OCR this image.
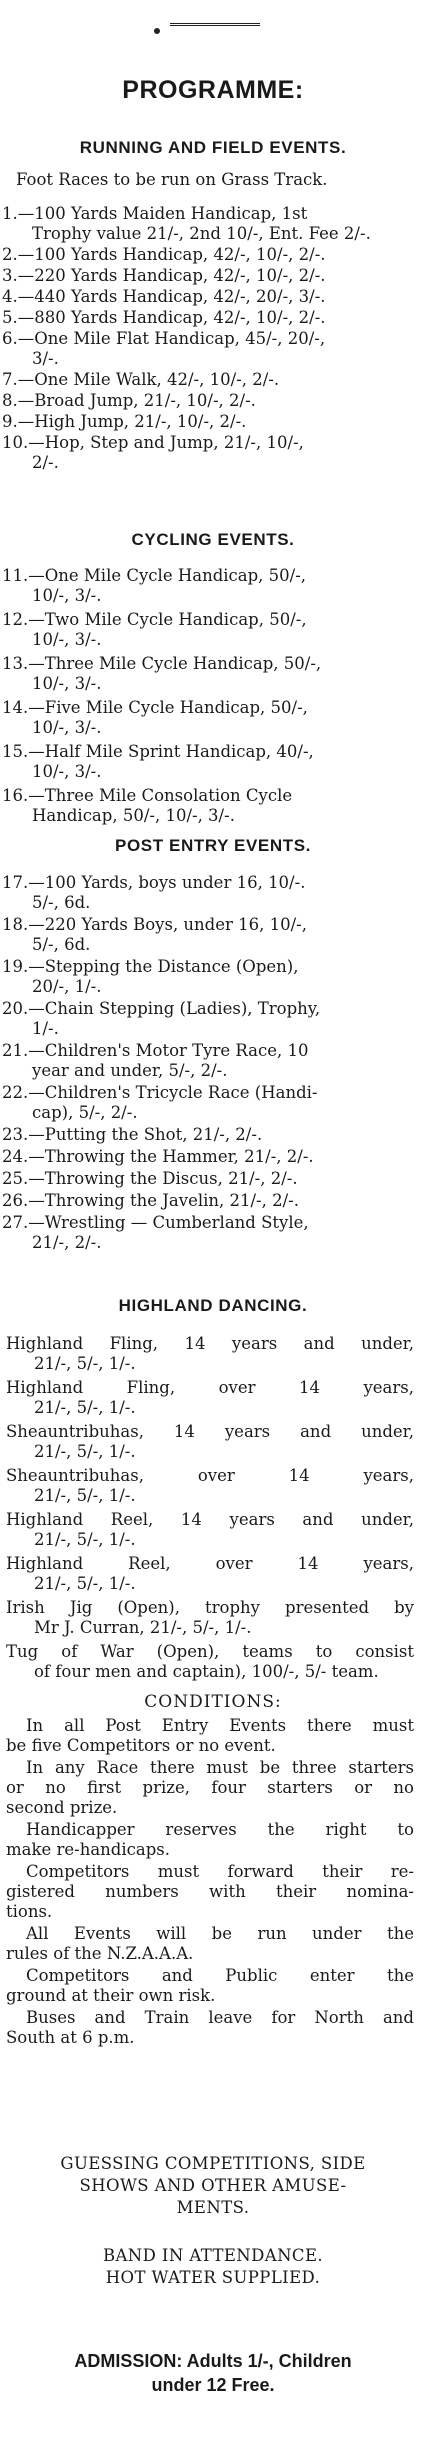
PROGRAMME:
RUNNING AND FIELD EVENTS.
Foot Races to be run on Grass Track.
1.—100 Yards Maiden Handicap, 1st
Trophy value 21/-, 2nd 10/-, Ent. Fee 2/-.
2.—100 Yards Handicap, 42/-, 10/-, 2/-.
3.—220 Yards Handicap, 42/-, 10/-, 2/-.
4.—440 Yards Handicap, 42/-, 20/-, 3/-.
5.—880 Yards Handicap, 42/-, 10/-, 2/-.
6.—One Mile Flat Handicap, 45/-, 20/-,
3/-.
7.—One Mile Walk, 42/-, 10/-, 2/-.
8.—Broad Jump, 21/-, 10/-, 2/-.
9.—High Jump, 21/-, 10/-, 2/-.
10.—Hop, Step and Jump, 21/-, 10/-,
2/-.
CYCLING EVENTS.
11.—One Mile Cycle Handicap, 50/-,
10/-, 3/-.
12.—Two Mile Cycle Handicap, 50/-,
10/-, 3/-.
13.—Three Mile Cycle Handicap, 50/-,
10/-, 3/-.
14.—Five Mile Cycle Handicap, 50/-,
10/-, 3/-.
15.—Half Mile Sprint Handicap, 40/-,
10/-, 3/-.
16.—Three Mile Consolation Cycle
Handicap, 50/-, 10/-, 3/-.
POST ENTRY EVENTS.
17.—100 Yards, boys under 16, 10/-.
5/-, 6d.
18.—220 Yards Boys, under 16, 10/-,
5/-, 6d.
19.—Stepping the Distance (Open),
20/-, 1/-.
20.—Chain Stepping (Ladies), Trophy,
1/-.
21.—Children's Motor Tyre Race, 10
year and under, 5/-, 2/-.
22.—Children's Tricycle Race (Handi-
cap), 5/-, 2/-.
23.—Putting the Shot, 21/-, 2/-.
24.—Throwing the Hammer, 21/-, 2/-.
25.—Throwing the Discus, 21/-, 2/-.
26.—Throwing the Javelin, 21/-, 2/-.
27.—Wrestling — Cumberland Style,
21/-, 2/-.
HIGHLAND DANCING.
Highland Fling, 14 years and under,
21/-, 5/-, 1/-.
Highland Fling, over 14 years,
21/-, 5/-, 1/-.
Sheauntribuhas, 14 years and under,
21/-, 5/-, 1/-.
Sheauntribuhas, over 14 years,
21/-, 5/-, 1/-.
Highland Reel, 14 years and under,
21/-, 5/-, 1/-.
Highland Reel, over 14 years,
21/-, 5/-, 1/-.
Irish Jig (Open), trophy presented by
Mr J. Curran, 21/-, 5/-, 1/-.
Tug of War (Open), teams to consist
of four men and captain), 100/-, 5/- team.
CONDITIONS:
In all Post Entry Events there must
be five Competitors or no event.
In any Race there must be three starters
or no first prize, four starters or no
second prize.
Handicapper reserves the right to
make re-handicaps.
Competitors must forward their re-
gistered numbers with their nomina-
tions.
All Events will be run under the
rules of the N.Z.A.A.A.
Competitors and Public enter the
ground at their own risk.
Buses and Train leave for North and
South at 6 p.m.
GUESSING COMPETITIONS, SIDE
SHOWS AND OTHER AMUSE-
MENTS.
BAND IN ATTENDANCE.
HOT WATER SUPPLIED.
ADMISSION: Adults 1/-, Children
under 12 Free.
